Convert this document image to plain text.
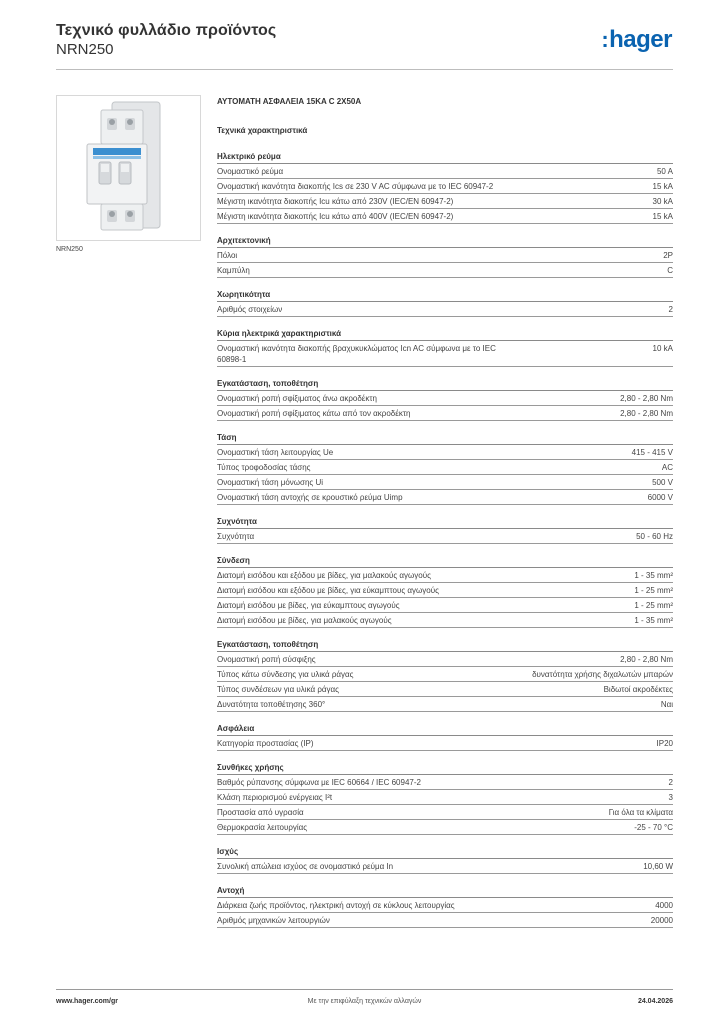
Τεχνικό φυλλάδιο προϊόντος
NRN250	:hager
NRN250
ΑΥΤΟΜΑΤΗ ΑΣΦΑΛΕΙΑ 15KA C 2X50A
Τεχνικά χαρακτηριστικά
Ηλεκτρικό ρεύμα
Ονομαστικό ρεύμα	50 A
Ονομαστική ικανότητα διακοπής Ics σε 230 V AC σύμφωνα με το IEC 60947-2	15 kA
Μέγιστη ικανότητα διακοπής Icu κάτω από 230V (IEC/EN 60947-2)	30 kA
Μέγιστη ικανότητα διακοπής Icu κάτω από 400V (IEC/EN 60947-2)	15 kA
Αρχιτεκτονική
Πόλοι	2P
Καμπύλη	C
Χωρητικότητα
Αριθμός στοιχείων	2
Κύρια ηλεκτρικά χαρακτηριστικά
Ονομαστική ικανότητα διακοπής βραχυκυκλώματος Icn AC σύμφωνα με το IEC 60898-1
10 kA
Εγκατάσταση, τοποθέτηση
Ονομαστική ροπή σφίξιματος άνω ακροδέκτη	2,80 - 2,80 Nm
Ονομαστική ροπή σφίξιματος κάτω από τον ακροδέκτη	2,80 - 2,80 Nm
Τάση
Ονομαστική τάση λειτουργίας Ue	415 - 415 V
Τύπος τροφοδοσίας τάσης	AC
Ονομαστική τάση μόνωσης Ui	500 V
Ονομαστική τάση αντοχής σε κρουστικό ρεύμα Uimp	6000 V
Συχνότητα
Συχνότητα	50 - 60 Hz
Σύνδεση
Διατομή εισόδου και εξόδου με βίδες, για μαλακούς αγωγούς	1 - 35 mm²
Διατομή εισόδου και εξόδου με βίδες, για εύκαμπτους αγωγούς	1 - 25 mm²
Διατομή εισόδου με βίδες, για εύκαμπτους αγωγούς	1 - 25 mm²
Διατομή εισόδου με βίδες, για μαλακούς αγωγούς	1 - 35 mm²
Εγκατάσταση, τοποθέτηση
Ονομαστική ροπή σύσφιξης	2,80 - 2,80 Nm
Τύπος κάτω σύνδεσης για υλικά ράγας	δυνατότητα χρήσης διχαλωτών μπαρών
Τύπος συνδέσεων για υλικά ράγας	Βιδωτοί ακροδέκτες
Δυνατότητα τοποθέτησης 360°	Ναι
Ασφάλεια
Κατηγορία προστασίας (IP)	IP20
Συνθήκες χρήσης
Βαθμός ρύπανσης σύμφωνα με IEC 60664 / IEC 60947-2	2
Κλάση περιορισμού ενέργειας I²t	3
Προστασία από υγρασία	Για όλα τα κλίματα
Θερμοκρασία λειτουργίας	-25 - 70 °C
Ισχύς
Συνολική απώλεια ισχύος σε ονομαστικό ρεύμα In	10,60 W
Αντοχή
Διάρκεια ζωής προϊόντος, ηλεκτρική αντοχή σε κύκλους λειτουργίας	4000
Αριθμός μηχανικών λειτουργιών	20000
www.hager.com/gr	Με την επιφύλαξη τεχνικών αλλαγών	24.04.2026
